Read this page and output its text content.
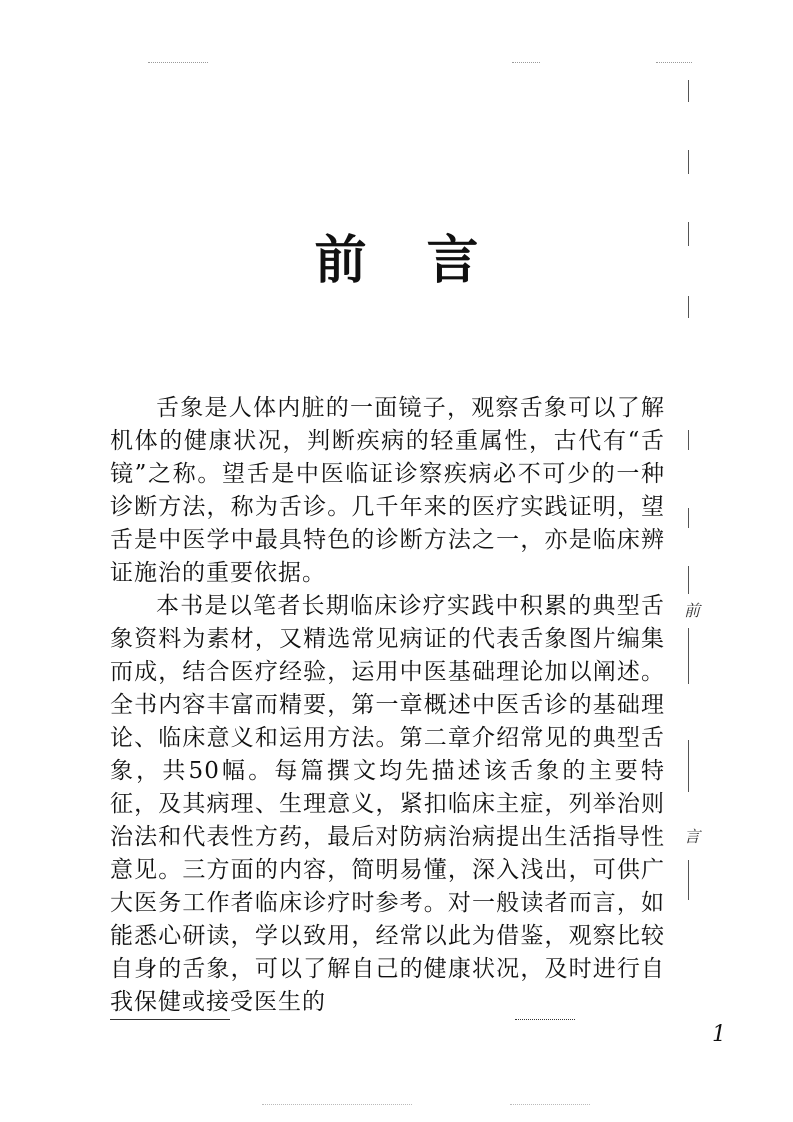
前
言
前言

舌象是人体内脏的一面镜子，观察舌象可以了解机体的健康状况，判断疾病的轻重属性，古代有“舌镜”之称。望舌是中医临证诊察疾病必不可少的一种诊断方法，称为舌诊。几千年来的医疗实践证明，望舌是中医学中最具特色的诊断方法之一，亦是临床辨证施治的重要依据。

本书是以笔者长期临床诊疗实践中积累的典型舌象资料为素材，又精选常见病证的代表舌象图片编集而成，结合医疗经验，运用中医基础理论加以阐述。全书内容丰富而精要，第一章概述中医舌诊的基础理论、临床意义和运用方法。第二章介绍常见的典型舌象，共50幅。每篇撰文均先描述该舌象的主要特征，及其病理、生理意义，紧扣临床主症，列举治则治法和代表性方药，最后对防病治病提出生活指导性意见。三方面的内容，简明易懂，深入浅出，可供广大医务工作者临床诊疗时参考。对一般读者而言，如能悉心研读，学以致用，经常以此为借鉴，观察比较自身的舌象，可以了解自己的健康状况，及时进行自我保健或接受医生的

1
